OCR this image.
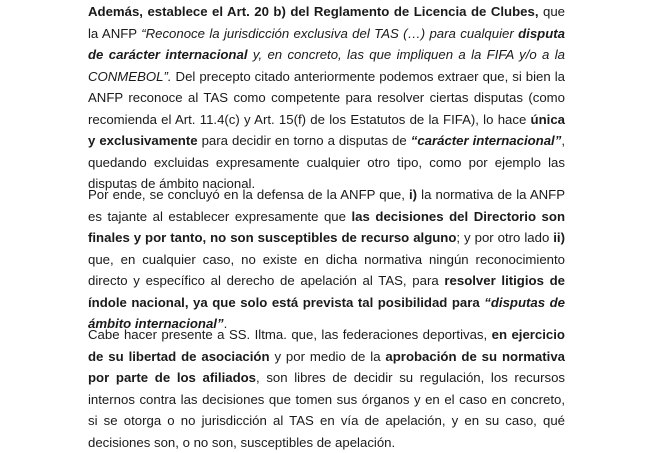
Además, establece el Art. 20 b) del Reglamento de Licencia de Clubes, que la ANFP “Reconoce la jurisdicción exclusiva del TAS (…) para cualquier disputa de carácter internacional y, en concreto, las que impliquen a la FIFA y/o a la CONMEBOL”. Del precepto citado anteriormente podemos extraer que, si bien la ANFP reconoce al TAS como competente para resolver ciertas disputas (como recomienda el Art. 11.4(c) y Art. 15(f) de los Estatutos de la FIFA), lo hace única y exclusivamente para decidir en torno a disputas de “carácter internacional”, quedando excluidas expresamente cualquier otro tipo, como por ejemplo las disputas de ámbito nacional.

Por ende, se concluyó en la defensa de la ANFP que, i) la normativa de la ANFP es tajante al establecer expresamente que las decisiones del Directorio son finales y por tanto, no son susceptibles de recurso alguno; y por otro lado ii) que, en cualquier caso, no existe en dicha normativa ningún reconocimiento directo y específico al derecho de apelación al TAS, para resolver litigios de índole nacional, ya que solo está prevista tal posibilidad para “disputas de ámbito internacional”.

Cabe hacer presente a SS. Iltma. que, las federaciones deportivas, en ejercicio de su libertad de asociación y por medio de la aprobación de su normativa por parte de los afiliados, son libres de decidir su regulación, los recursos internos contra las decisiones que tomen sus órganos y en el caso en concreto, si se otorga o no jurisdicción al TAS en vía de apelación, y en su caso, qué decisiones son, o no son, susceptibles de apelación.
